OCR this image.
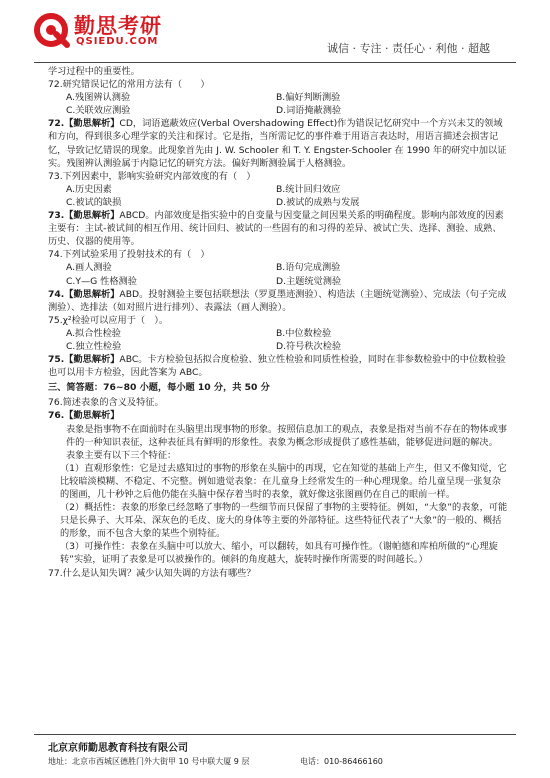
勤思考研
QSIEDU.COM
诚信 · 专注 · 责任心 · 利他 · 超越

学习过程中的重要性。

72.研究错误记忆的常用方法有（　　）

A.残图辨认测验	B.偏好判断测验
C.关联效应测验	D.词语掩蔽测验

72.【勤思解析】CD，词语遮蔽效应(Verbal Overshadowing Effect)作为错误记忆研究中一个方兴未艾的领域和方向，得到很多心理学家的关注和探讨。它是指，当所需记忆的事件难于用语言表达时，用语言描述会损害记忆，导致记忆错误的现象。此现象首先由 J. W. Schooler 和 T. Y. Engster-Schooler 在 1990 年的研究中加以证实。残图辨认测验属于内隐记忆的研究方法。偏好判断测验属于人格测验。

73.下列因素中，影响实验研究内部效度的有（　）

A.历史因素	B.统计回归效应
C.被试的缺损	D.被试的成熟与发展

73.【勤思解析】ABCD。内部效度是指实验中的自变量与因变量之间因果关系的明确程度。影响内部效度的因素主要有：主试-被试间的相互作用、统计回归、被试的一些固有的和习得的差异、被试亡失、选择、测验、成熟、历史、仪器的使用等。

74.下列试验采用了投射技术的有（　）

A.画人测验	B.语句完成测验
C.Y—G 性格测验	D.主题统觉测验

74.【勤思解析】ABD。投射测验主要包括联想法（罗夏墨迹测验）、构造法（主题统觉测验）、完成法（句子完成测验）、选排法（如对照片进行排列）、表露法（画人测验）。

75.χ²检验可以应用于（　）。

A.拟合性检验	B.中位数检验
C.独立性检验	D.符号秩次检验

75.【勤思解析】ABC。卡方检验包括拟合度检验、独立性检验和同质性检验，同时在非参数检验中的中位数检验也可以用卡方检验，因此答案为 ABC。

三、简答题：76~80 小题，每小题 10 分，共 50 分

76.简述表象的含义及特征。

76.【勤思解析】

表象是指事物不在面前时在头脑里出现事物的形象。按照信息加工的观点，表象是指对当前不存在的物体或事件的一种知识表征，这种表征具有鲜明的形象性。表象为概念形成提供了感性基础，能够促进问题的解决。

表象主要有以下三个特征：

（1）直观形象性：它是过去感知过的事物的形象在头脑中的再现，它在知觉的基础上产生，但又不像知觉，它比较暗淡模糊、不稳定、不完整。例如遗觉表象：在儿童身上经常发生的一种心理现象。给儿童呈现一张复杂的图画，几十秒钟之后他仍能在头脑中保存着当时的表象，就好像这张图画仍在自己的眼前一样。

（2）概括性：表象的形象已经忽略了事物的一些细节而只保留了事物的主要特征。例如，“大象”的表象，可能只是长鼻子、大耳朵、深灰色的毛皮、庞大的身体等主要的外部特征。这些特征代表了“大象”的一般的、概括的形象，而不包含大象的某些个别特征。

（3）可操作性：表象在头脑中可以放大、缩小，可以翻转，如具有可操作性。（谢帕德和库柏所做的“心理旋转”实验，证明了表象是可以被操作的。倾斜的角度越大，旋转时操作所需要的时间越长。）

77.什么是认知失调？减少认知失调的方法有哪些？

北京京师勤思教育科技有限公司
地址：北京市西城区德胜门外大街甲 10 号中联大厦 9 层	电话：010-86466160
